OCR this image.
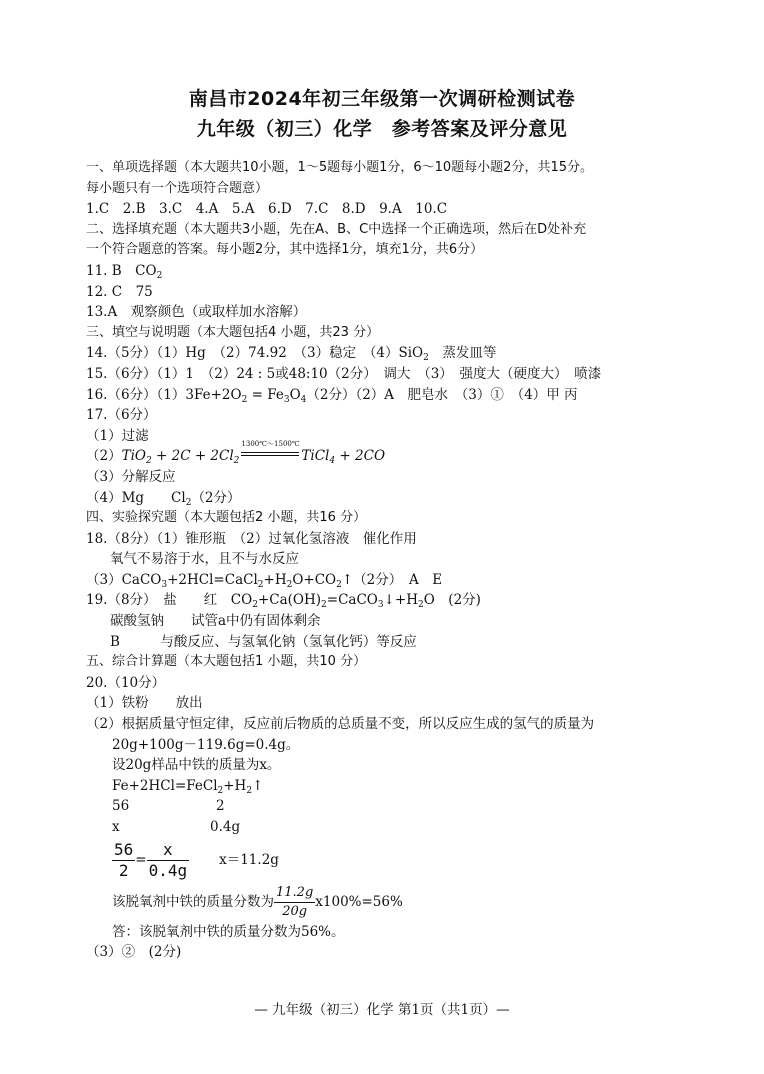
南昌市2024年初三年级第一次调研检测试卷
九年级（初三）化学　参考答案及评分意见
一、单项选择题（本大题共10小题，1～5题每小题1分，6～10题每小题2分，共15分。
每小题只有一个选项符合题意）
1.C　2.B　3.C　4.A　5.A　6.D　7.C　8.D　9.A　10.C
二、选择填充题（本大题共3小题，先在A、B、C中选择一个正确选项，然后在D处补充
一个符合题意的答案。每小题2分，其中选择1分，填充1分，共6分）
11. B　$CO_2$
12. C　75
13.A　观察颜色（或取样加水溶解）
三、填空与说明题（本大题包括4 小题，共23 分）
14.（5分）（1）Hg　（2）74.92　（3）稳定　（4）SiO$_2$　蒸发皿等
15.（6分）（1）1　（2）24 : 5或48:10（2分）　调大　（3）　强度大（硬度大）　喷漆
16.（6分）$(1)3Fe+2O_2 = Fe_3O_4(2$分）（2）A　肥皂水　（3）①　（4）甲 丙
17.（6分）
（1）过滤
$(2)TiO_2 + 2C + 2Cl_2$
1300℃～1500℃
TiCl$_4$ + 2CO
（3）分解反应
（4）Mg　　$Cl_2(2$分）
四、实验探究题（本大题包括2 小题，共16 分）
18.（8分）（1）锥形瓶　（2）过氧化氢溶液　催化作用
氧气不易溶于水，且不与水反应
$(3)CaCO_3+2HCl=CaCl_2+H_2O+CO_2↑(2$分）　A　E
19.（8分）　盐　　红　$CO_2+Ca(OH)_2=CaCO_3↓+H_2O$　(2分)
碳酸氢钠　　试管a中仍有固体剩余
B　　　与酸反应、与氢氧化钠（氢氧化钙）等反应
五、综合计算题（本大题包括1 小题，共10 分）
20.（10分）
（1）铁粉　　放出
（2）根据质量守恒定律，反应前后物质的总质量不变，所以反应生成的氢气的质量为
20g+100g－119.6g=0.4g。
设20g样品中铁的质量为x。
$Fe+2HCl=FeCl_2+H_2↑$
56	2
x	0.4g
$\frac{56}{2} = \frac{x}{0.4g} x=11.2g$
该脱氧剂中铁的质量分数为 $\frac{11.2g}{20g} x100\%=56\%$
答：该脱氧剂中铁的质量分数为56%。
（3）②　(2分)
— 九年级（初三）化学 第1页（共1页）—
